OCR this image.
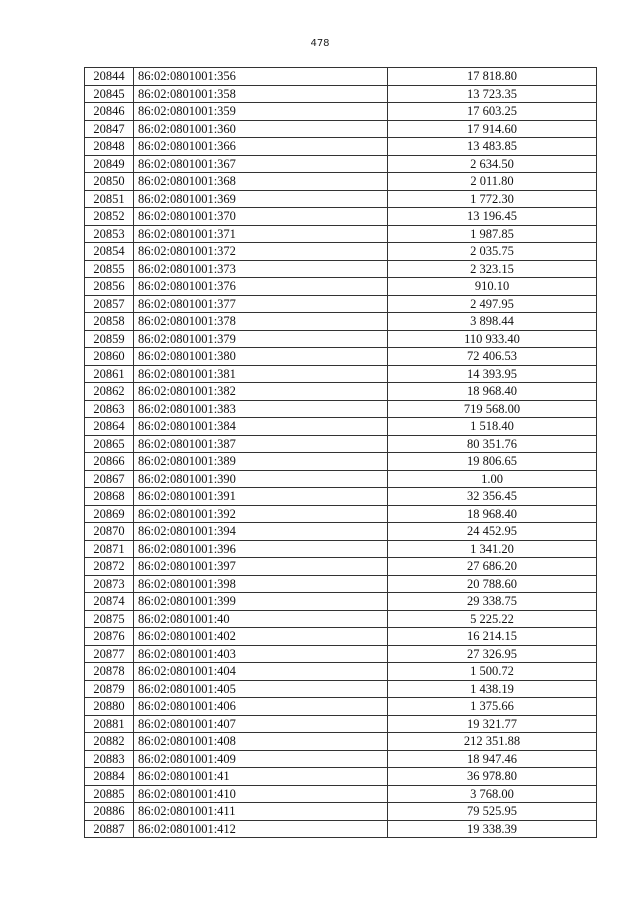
478
20844	86:02:0801001:356	17 818.80
20845	86:02:0801001:358	13 723.35
20846	86:02:0801001:359	17 603.25
20847	86:02:0801001:360	17 914.60
20848	86:02:0801001:366	13 483.85
20849	86:02:0801001:367	2 634.50
20850	86:02:0801001:368	2 011.80
20851	86:02:0801001:369	1 772.30
20852	86:02:0801001:370	13 196.45
20853	86:02:0801001:371	1 987.85
20854	86:02:0801001:372	2 035.75
20855	86:02:0801001:373	2 323.15
20856	86:02:0801001:376	910.10
20857	86:02:0801001:377	2 497.95
20858	86:02:0801001:378	3 898.44
20859	86:02:0801001:379	110 933.40
20860	86:02:0801001:380	72 406.53
20861	86:02:0801001:381	14 393.95
20862	86:02:0801001:382	18 968.40
20863	86:02:0801001:383	719 568.00
20864	86:02:0801001:384	1 518.40
20865	86:02:0801001:387	80 351.76
20866	86:02:0801001:389	19 806.65
20867	86:02:0801001:390	1.00
20868	86:02:0801001:391	32 356.45
20869	86:02:0801001:392	18 968.40
20870	86:02:0801001:394	24 452.95
20871	86:02:0801001:396	1 341.20
20872	86:02:0801001:397	27 686.20
20873	86:02:0801001:398	20 788.60
20874	86:02:0801001:399	29 338.75
20875	86:02:0801001:40	5 225.22
20876	86:02:0801001:402	16 214.15
20877	86:02:0801001:403	27 326.95
20878	86:02:0801001:404	1 500.72
20879	86:02:0801001:405	1 438.19
20880	86:02:0801001:406	1 375.66
20881	86:02:0801001:407	19 321.77
20882	86:02:0801001:408	212 351.88
20883	86:02:0801001:409	18 947.46
20884	86:02:0801001:41	36 978.80
20885	86:02:0801001:410	3 768.00
20886	86:02:0801001:411	79 525.95
20887	86:02:0801001:412	19 338.39
